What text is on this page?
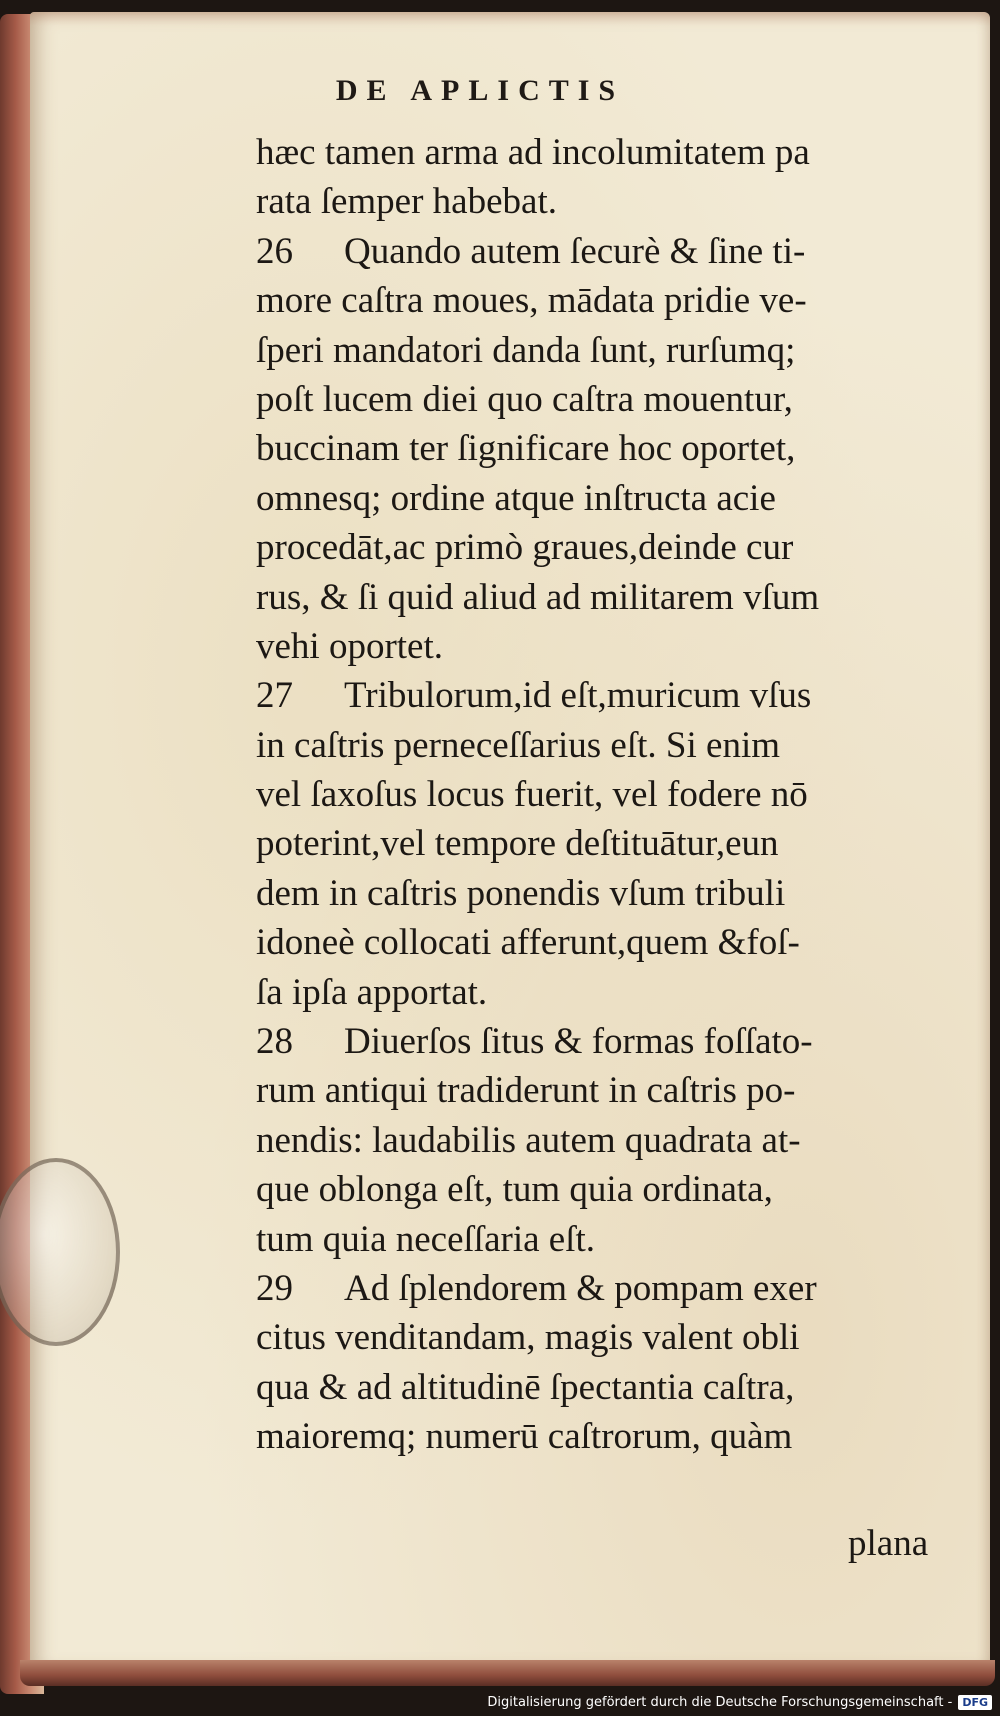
DE APLICTIS
hæc tamen arma ad incolumitatem pa
rata ſemper habebat.
26 Quando autem ſecurè & ſine ti-
more caſtra moues, mādata pridie ve-
ſperi mandatori danda ſunt, rurſumq;
poſt lucem diei quo caſtra mouentur,
buccinam ter ſignificare hoc oportet,
omnesq; ordine atque inſtructa acie
procedāt,ac primò graues,deinde cur
rus, & ſi quid aliud ad militarem vſum
vehi oportet.
27 Tribulorum,id eſt,muricum vſus
in caſtris perneceſſarius eſt. Si enim
vel ſaxoſus locus fuerit, vel fodere nō
poterint,vel tempore deſtituātur,eun
dem in caſtris ponendis vſum tribuli
idoneè collocati afferunt,quem &foſ-
ſa ipſa apportat.
28 Diuerſos ſitus & formas foſſato-
rum antiqui tradiderunt in caſtris po-
nendis: laudabilis autem quadrata at-
que oblonga eſt, tum quia ordinata,
tum quia neceſſaria eſt.
29 Ad ſplendorem & pompam exer
citus venditandam, magis valent obli
qua & ad altitudinē ſpectantia caſtra,
maioremq; numerū caſtrorum, quàm
plana
Digitalisierung gefördert durch die Deutsche Forschungsgemeinschaft - DFG
